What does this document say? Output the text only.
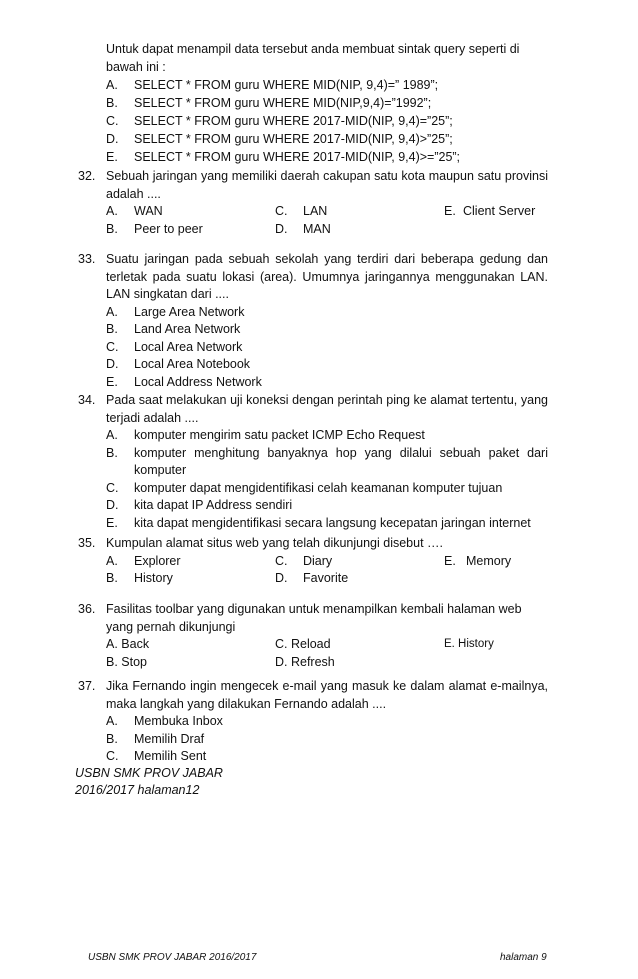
Untuk dapat menampil data tersebut anda membuat sintak query seperti di bawah ini :
A. SELECT * FROM guru WHERE MID(NIP, 9,4)=” 1989”;
B. SELECT * FROM guru WHERE MID(NIP,9,4)=”1992”;
C. SELECT * FROM guru WHERE 2017-MID(NIP, 9,4)=”25”;
D. SELECT * FROM guru WHERE 2017-MID(NIP, 9,4)>”25”;
E. SELECT * FROM guru WHERE 2017-MID(NIP, 9,4)>=”25”;
32. Sebuah jaringan yang memiliki daerah cakupan satu kota maupun satu provinsi adalah ....
A. WAN	C. LAN	E. Client Server
B. Peer to peer	D. MAN
33. Suatu jaringan pada sebuah sekolah yang terdiri dari beberapa gedung dan terletak pada suatu lokasi (area). Umumnya jaringannya menggunakan LAN. LAN singkatan dari ....
A.	Large Area Network
B.	Land Area Network
C.	Local Area Network
D.	Local Area Notebook
E.	Local Address Network
34. Pada saat melakukan uji koneksi dengan perintah ping ke alamat tertentu, yang terjadi adalah ....
A.	komputer mengirim satu packet ICMP Echo Request
B.	komputer menghitung banyaknya hop yang dilalui sebuah paket dari komputer
C.	komputer dapat mengidentifikasi celah keamanan komputer tujuan
D.	kita dapat IP Address sendiri
E.	kita dapat mengidentifikasi secara langsung kecepatan jaringan internet
35. Kumpulan alamat situs web yang telah dikunjungi disebut ….
A. Explorer	C. Diary	E. Memory
B. History	D. Favorite
36. Fasilitas toolbar yang digunakan untuk menampilkan kembali halaman web yang pernah dikunjungi
A. Back	C. Reload	E. History
B. Stop	D. Refresh
37. Jika Fernando ingin mengecek e-mail yang masuk ke dalam alamat e-mailnya, maka langkah yang dilakukan Fernando adalah ....
A.	Membuka Inbox
B.	Memilih Draf
C.	Memilih Sent
USBN SMK PROV JABAR
2016/2017 halaman12
USBN SMK PROV JABAR 2016/2017	halaman 9
